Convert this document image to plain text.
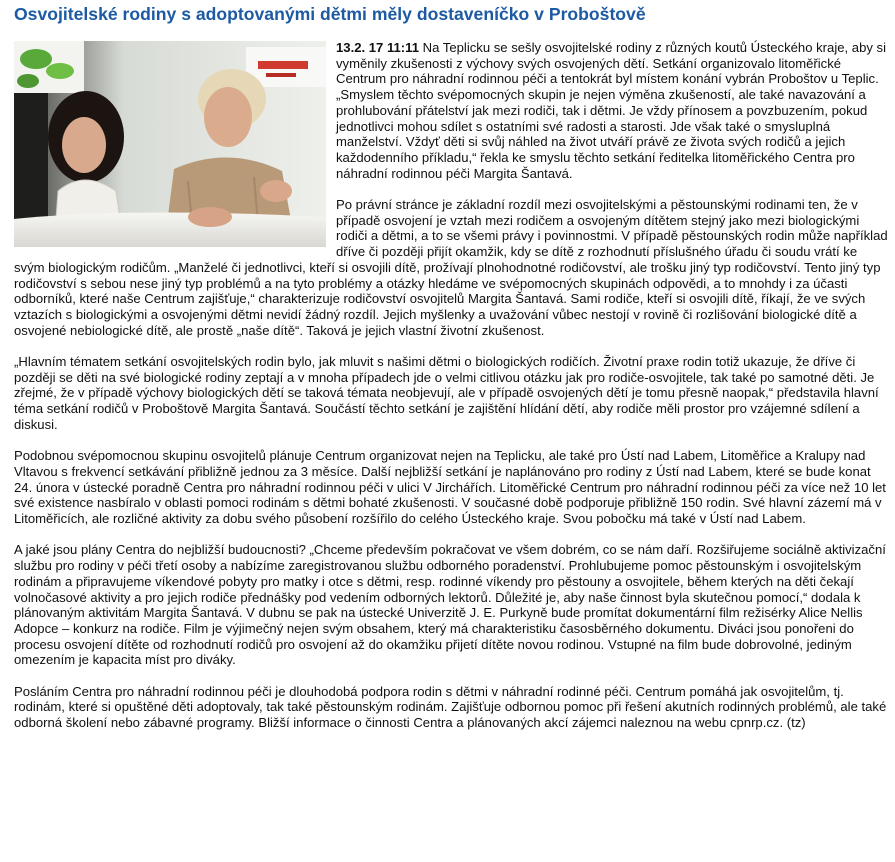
Osvojitelské rodiny s adoptovanými dětmi měly dostaveníčko v Proboštově

13.2. 17 11:11 Na Teplicku se sešly osvojitelské rodiny z různých koutů Ústeckého kraje, aby si vyměnily zkušenosti z výchovy svých osvojených dětí. Setkání organizovalo litoměřické Centrum pro náhradní rodinnou péči a tentokrát byl místem konání vybrán Proboštov u Teplic. „Smyslem těchto svépomocných skupin je nejen výměna zkušeností, ale také navazování a prohlubování přátelství jak mezi rodiči, tak i dětmi. Je vždy přínosem a povzbuzením, pokud jednotlivci mohou sdílet s ostatními své radosti a starosti. Jde však také o smysluplná manželství. Vždyť děti si svůj náhled na život utváří právě ze života svých rodičů a jejich každodenního příkladu,“ řekla ke smyslu těchto setkání ředitelka litoměřického Centra pro náhradní rodinnou péči Margita Šantavá.

Po právní stránce je základní rozdíl mezi osvojitelskými a pěstounskými rodinami ten, že v případě osvojení je vztah mezi rodičem a osvojeným dítětem stejný jako mezi biologickými rodiči a dětmi, a to se všemi právy i povinnostmi. V případě pěstounských rodin může například dříve či později přijít okamžik, kdy se dítě z rozhodnutí příslušného úřadu či soudu vrátí ke svým biologickým rodičům. „Manželé či jednotlivci, kteří si osvojili dítě, prožívají plnohodnotné rodičovství, ale trošku jiný typ rodičovství. Tento jiný typ rodičovství s sebou nese jiný typ problémů a na tyto problémy a otázky hledáme ve svépomocných skupinách odpovědi, a to mnohdy i za účasti odborníků, které naše Centrum zajišťuje,“ charakterizuje rodičovství osvojitelů Margita Šantavá. Sami rodiče, kteří si osvojili dítě, říkají, že ve svých vztazích s biologickými a osvojenými dětmi nevidí žádný rozdíl. Jejich myšlenky a uvažování vůbec nestojí v rovině či rozlišování biologické dítě a osvojené nebiologické dítě, ale prostě „naše dítě“. Taková je jejich vlastní životní zkušenost.

„Hlavním tématem setkání osvojitelských rodin bylo, jak mluvit s našimi dětmi o biologických rodičích. Životní praxe rodin totiž ukazuje, že dříve či později se děti na své biologické rodiny zeptají a v mnoha případech jde o velmi citlivou otázku jak pro rodiče-osvojitele, tak také po samotné děti. Je zřejmé, že v případě výchovy biologických dětí se taková témata neobjevují, ale v případě osvojených dětí je tomu přesně naopak,“ představila hlavní téma setkání rodičů v Proboštově Margita Šantavá. Součástí těchto setkání je zajištění hlídání dětí, aby rodiče měli prostor pro vzájemné sdílení a diskusi.

Podobnou svépomocnou skupinu osvojitelů plánuje Centrum organizovat nejen na Teplicku, ale také pro Ústí nad Labem, Litoměřice a Kralupy nad Vltavou s frekvencí setkávání přibližně jednou za 3 měsíce. Další nejbližší setkání je naplánováno pro rodiny z Ústí nad Labem, které se bude konat 24. února v ústecké poradně Centra pro náhradní rodinnou péči v ulici V Jirchářích. Litoměřické Centrum pro náhradní rodinnou péči za více než 10 let své existence nasbíralo v oblasti pomoci rodinám s dětmi bohaté zkušenosti. V současné době podporuje přibližně 150 rodin. Své hlavní zázemí má v Litoměřicích, ale rozličné aktivity za dobu svého působení rozšířilo do celého Ústeckého kraje. Svou pobočku má také v Ústí nad Labem.

A jaké jsou plány Centra do nejbližší budoucnosti? „Chceme především pokračovat ve všem dobrém, co se nám daří. Rozšiřujeme sociálně aktivizační službu pro rodiny v péči třetí osoby a nabízíme zaregistrovanou službu odborného poradenství. Prohlubujeme pomoc pěstounským i osvojitelským rodinám a připravujeme víkendové pobyty pro matky i otce s dětmi, resp. rodinné víkendy pro pěstouny a osvojitele, během kterých na děti čekají volnočasové aktivity a pro jejich rodiče přednášky pod vedením odborných lektorů. Důležité je, aby naše činnost byla skutečnou pomocí,“ dodala k plánovaným aktivitám Margita Šantavá. V dubnu se pak na ústecké Univerzitě J. E. Purkyně bude promítat dokumentární film režisérky Alice Nellis Adopce – konkurz na rodiče. Film je výjimečný nejen svým obsahem, který má charakteristiku časosběrného dokumentu. Diváci jsou ponořeni do procesu osvojení dítěte od rozhodnutí rodičů pro osvojení až do okamžiku přijetí dítěte novou rodinou. Vstupné na film bude dobrovolné, jediným omezením je kapacita míst pro diváky.

Posláním Centra pro náhradní rodinnou péči je dlouhodobá podpora rodin s dětmi v náhradní rodinné péči. Centrum pomáhá jak osvojitelům, tj. rodinám, které si opuštěné děti adoptovaly, tak také pěstounským rodinám. Zajišťuje odbornou pomoc při řešení akutních rodinných problémů, ale také odborná školení nebo zábavné programy. Bližší informace o činnosti Centra a plánovaných akcí zájemci naleznou na webu cpnrp.cz. (tz)
